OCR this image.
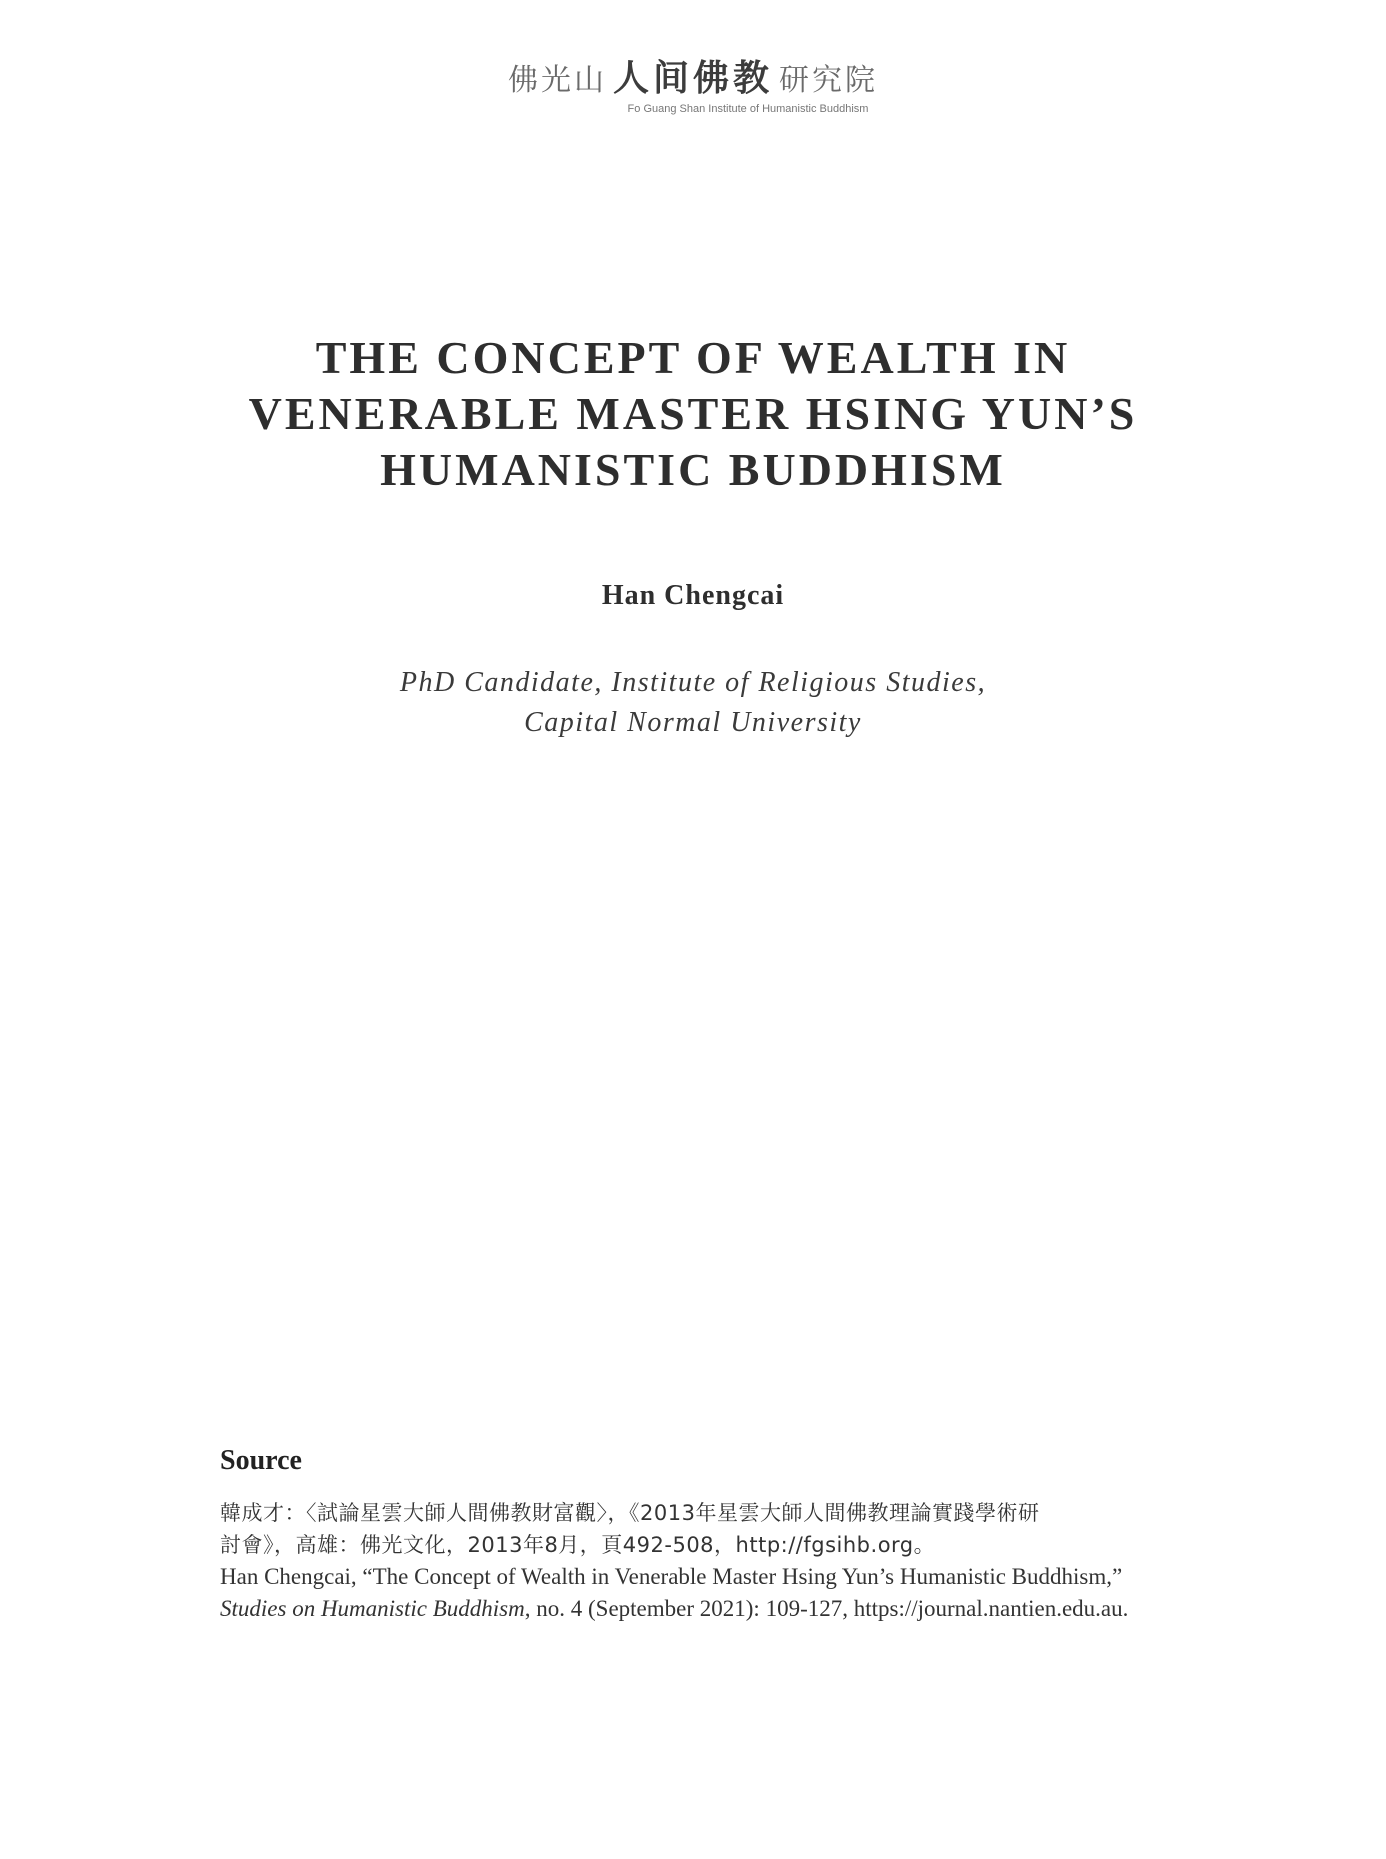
佛光山 人间佛教 研究院
Fo Guang Shan Institute of Humanistic Buddhism
THE CONCEPT OF WEALTH IN
VENERABLE MASTER HSING YUN’S
HUMANISTIC BUDDHISM
Han Chengcai
PhD Candidate, Institute of Religious Studies,
Capital Normal University
Source
韓成才：〈試論星雲大師人間佛教財富觀〉，《2013年星雲大師人間佛教理論實踐學術研
討會》，高雄：佛光文化，2013年8月，頁492-508，http://fgsihb.org。
Han Chengcai, “The Concept of Wealth in Venerable Master Hsing Yun’s Humanistic Buddhism,”
Studies on Humanistic Buddhism, no. 4 (September 2021): 109-127, https://journal.nantien.edu.au.
